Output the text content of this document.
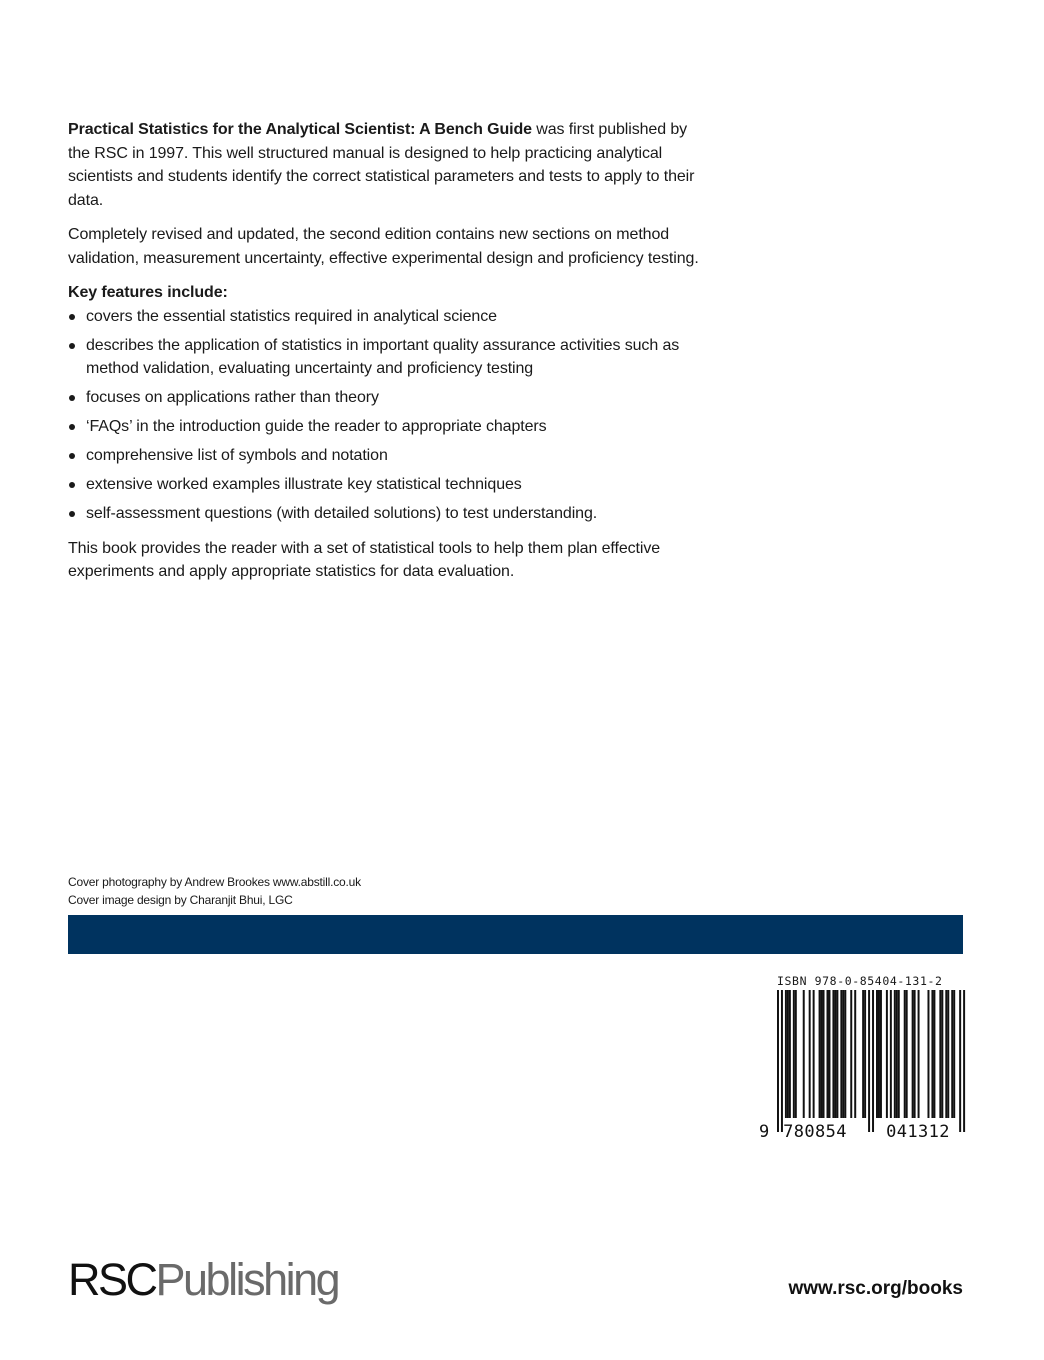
Practical Statistics for the Analytical Scientist: A Bench Guide was first published by the RSC in 1997. This well structured manual is designed to help practicing analytical scientists and students identify the correct statistical parameters and tests to apply to their data.

Completely revised and updated, the second edition contains new sections on method validation, measurement uncertainty, effective experimental design and proficiency testing.

Key features include:
covers the essential statistics required in analytical science
describes the application of statistics in important quality assurance activities such as method validation, evaluating uncertainty and proficiency testing
focuses on applications rather than theory
‘FAQs’ in the introduction guide the reader to appropriate chapters
comprehensive list of symbols and notation
extensive worked examples illustrate key statistical techniques
self-assessment questions (with detailed solutions) to test understanding.

This book provides the reader with a set of statistical tools to help them plan effective experiments and apply appropriate statistics for data evaluation.

Cover photography by Andrew Brookes www.abstill.co.uk
Cover image design by Charanjit Bhui, LGC
ISBN 978-0-85404-131-2
9 780854 041312
RSCPublishing	www.rsc.org/books
